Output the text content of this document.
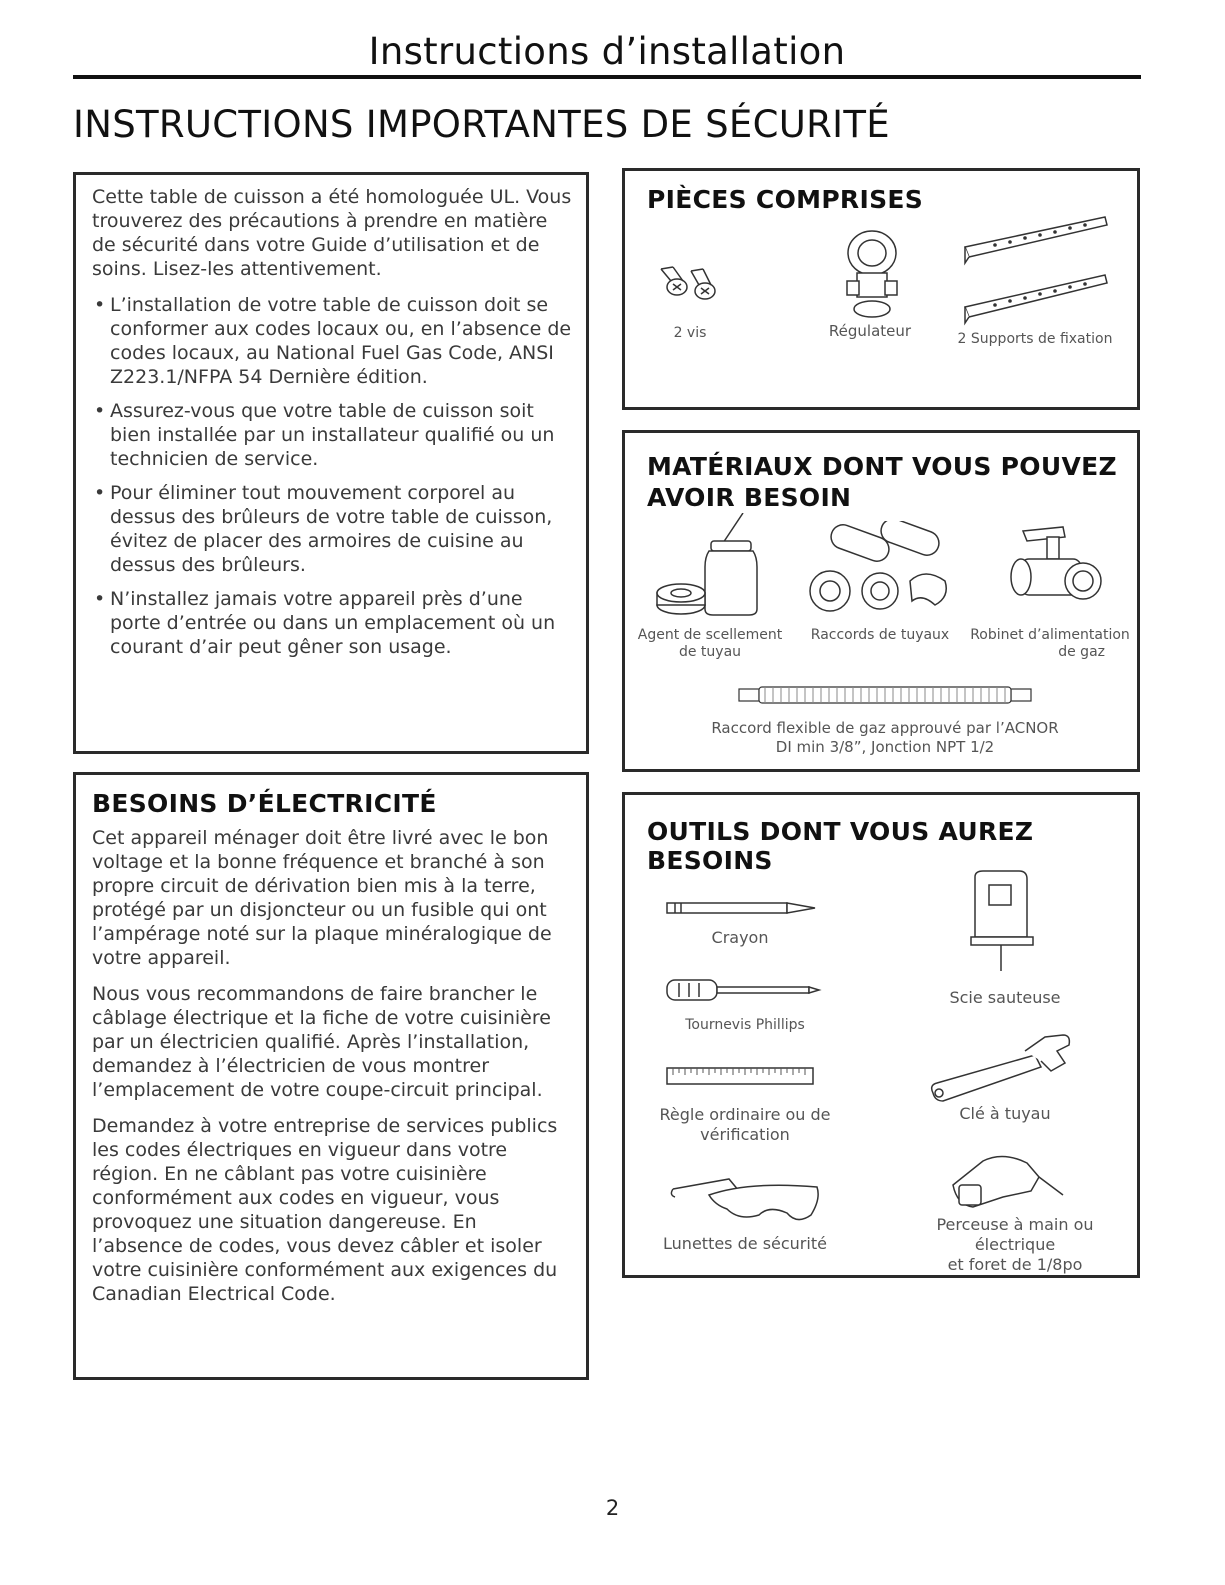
Instructions d’installation
INSTRUCTIONS IMPORTANTES DE SÉCURITÉ

Cette table de cuisson a été homologuée UL. Vous trouverez des précautions à prendre en matière de sécurité dans votre Guide d’utilisation et de soins. Lisez-les attentivement.

• L’installation de votre table de cuisson doit se conformer aux codes locaux ou, en l’absence de codes locaux, au National Fuel Gas Code, ANSI Z223.1/NFPA 54 Dernière édition.
• Assurez-vous que votre table de cuisson soit bien installée par un installateur qualifié ou un technicien de service.
• Pour éliminer tout mouvement corporel au dessus des brûleurs de votre table de cuisson, évitez de placer des armoires de cuisine au dessus des brûleurs.
• N’installez jamais votre appareil près d’une porte d’entrée ou dans un emplacement où un courant d’air peut gêner son usage.
BESOINS D’ÉLECTRICITÉ

Cet appareil ménager doit être livré avec le bon voltage et la bonne fréquence et branché à son propre circuit de dérivation bien mis à la terre, protégé par un disjoncteur ou un fusible qui ont l’ampérage noté sur la plaque minéralogique de votre appareil.

Nous vous recommandons de faire brancher le câblage électrique et la fiche de votre cuisinière par un électricien qualifié. Après l’installation, demandez à l’électricien de vous montrer l’emplacement de votre coupe-circuit principal.

Demandez à votre entreprise de services publics les codes électriques en vigueur dans votre région. En ne câblant pas votre cuisinière conformément aux codes en vigueur, vous provoquez une situation dangereuse. En l’absence de codes, vous devez câbler et isoler votre cuisinière conformément aux exigences du Canadian Electrical Code.

PIÈCES COMPRISES
2 vis	Régulateur	2 Supports de fixation
MATÉRIAUX DONT VOUS POUVEZ
AVOIR BESOIN
Agent de scellement
de tuyau
Raccords de tuyaux	Robinet d’alimentation
de gaz
Raccord flexible de gaz approuvé par l’ACNOR
DI min 3/8”, Jonction NPT 1/2
OUTILS DONT VOUS AUREZ BESOINS
Crayon
Tournevis Phillips
Règle ordinaire ou de
vérification
Lunettes de sécurité
Scie sauteuse
Clé à tuyau
Perceuse à main ou électrique
et foret de 1/8po
2
